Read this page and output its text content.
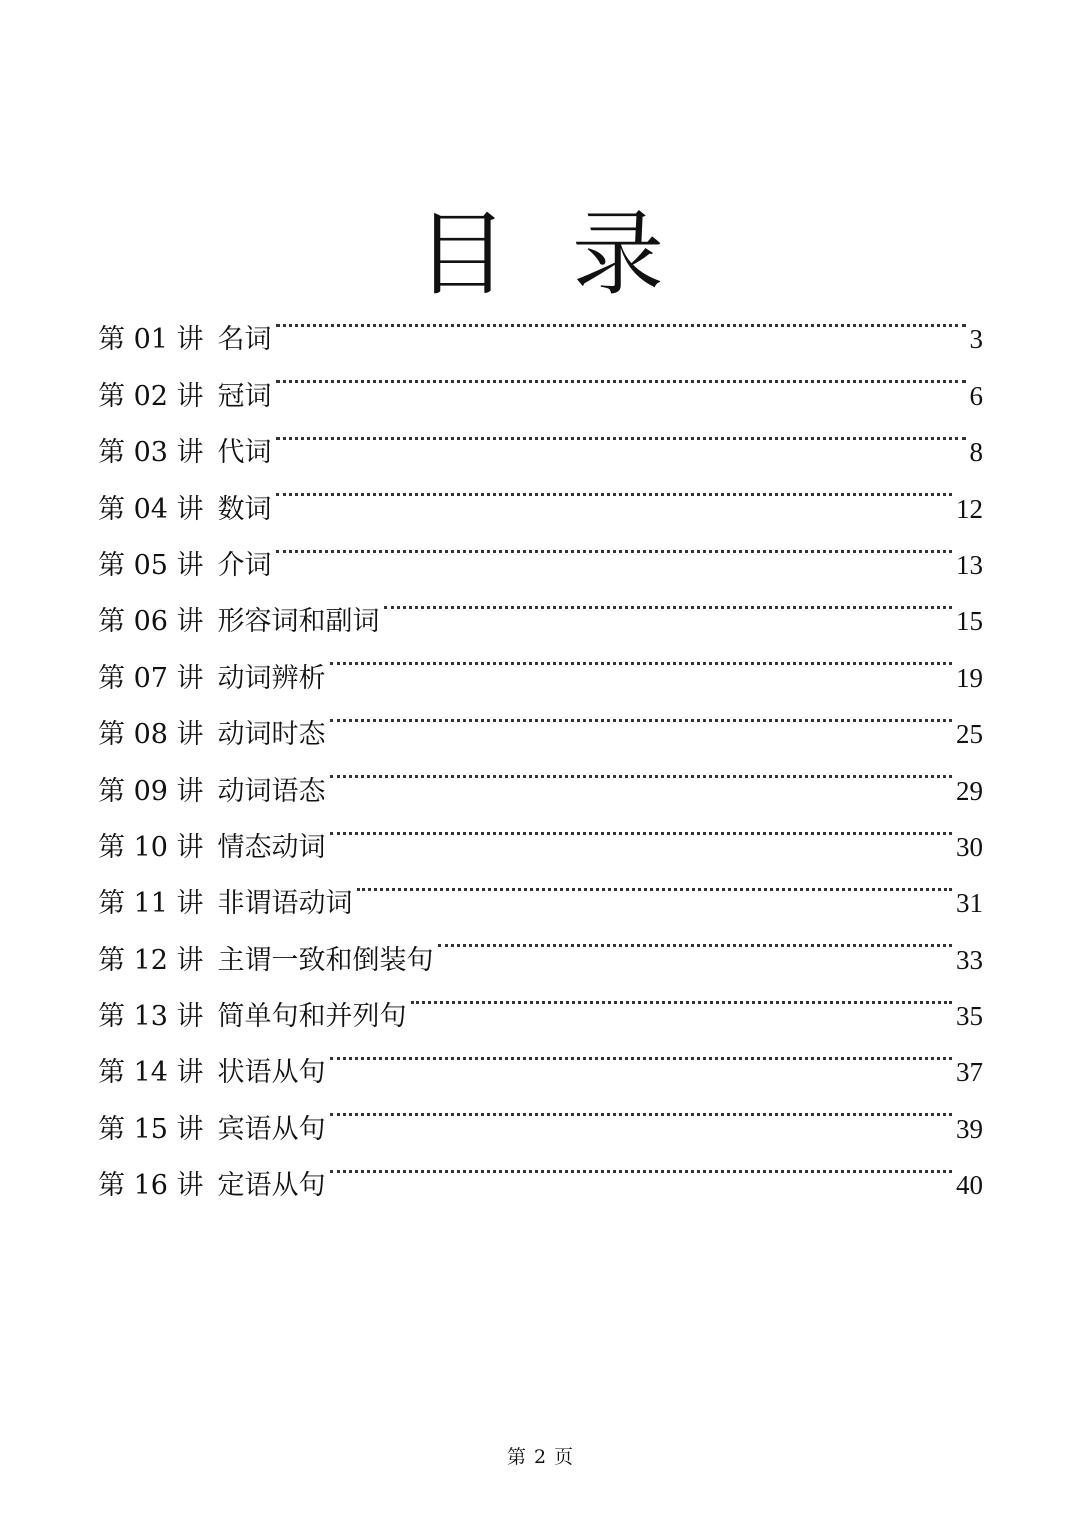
目 录
第 01 讲 名词	3
第 02 讲 冠词	6
第 03 讲 代词	8
第 04 讲 数词	12
第 05 讲 介词	13
第 06 讲 形容词和副词	15
第 07 讲 动词辨析	19
第 08 讲 动词时态	25
第 09 讲 动词语态	29
第 10 讲 情态动词	30
第 11 讲 非谓语动词	31
第 12 讲 主谓一致和倒装句	33
第 13 讲 简单句和并列句	35
第 14 讲 状语从句	37
第 15 讲 宾语从句	39
第 16 讲 定语从句	40
第 2 页
